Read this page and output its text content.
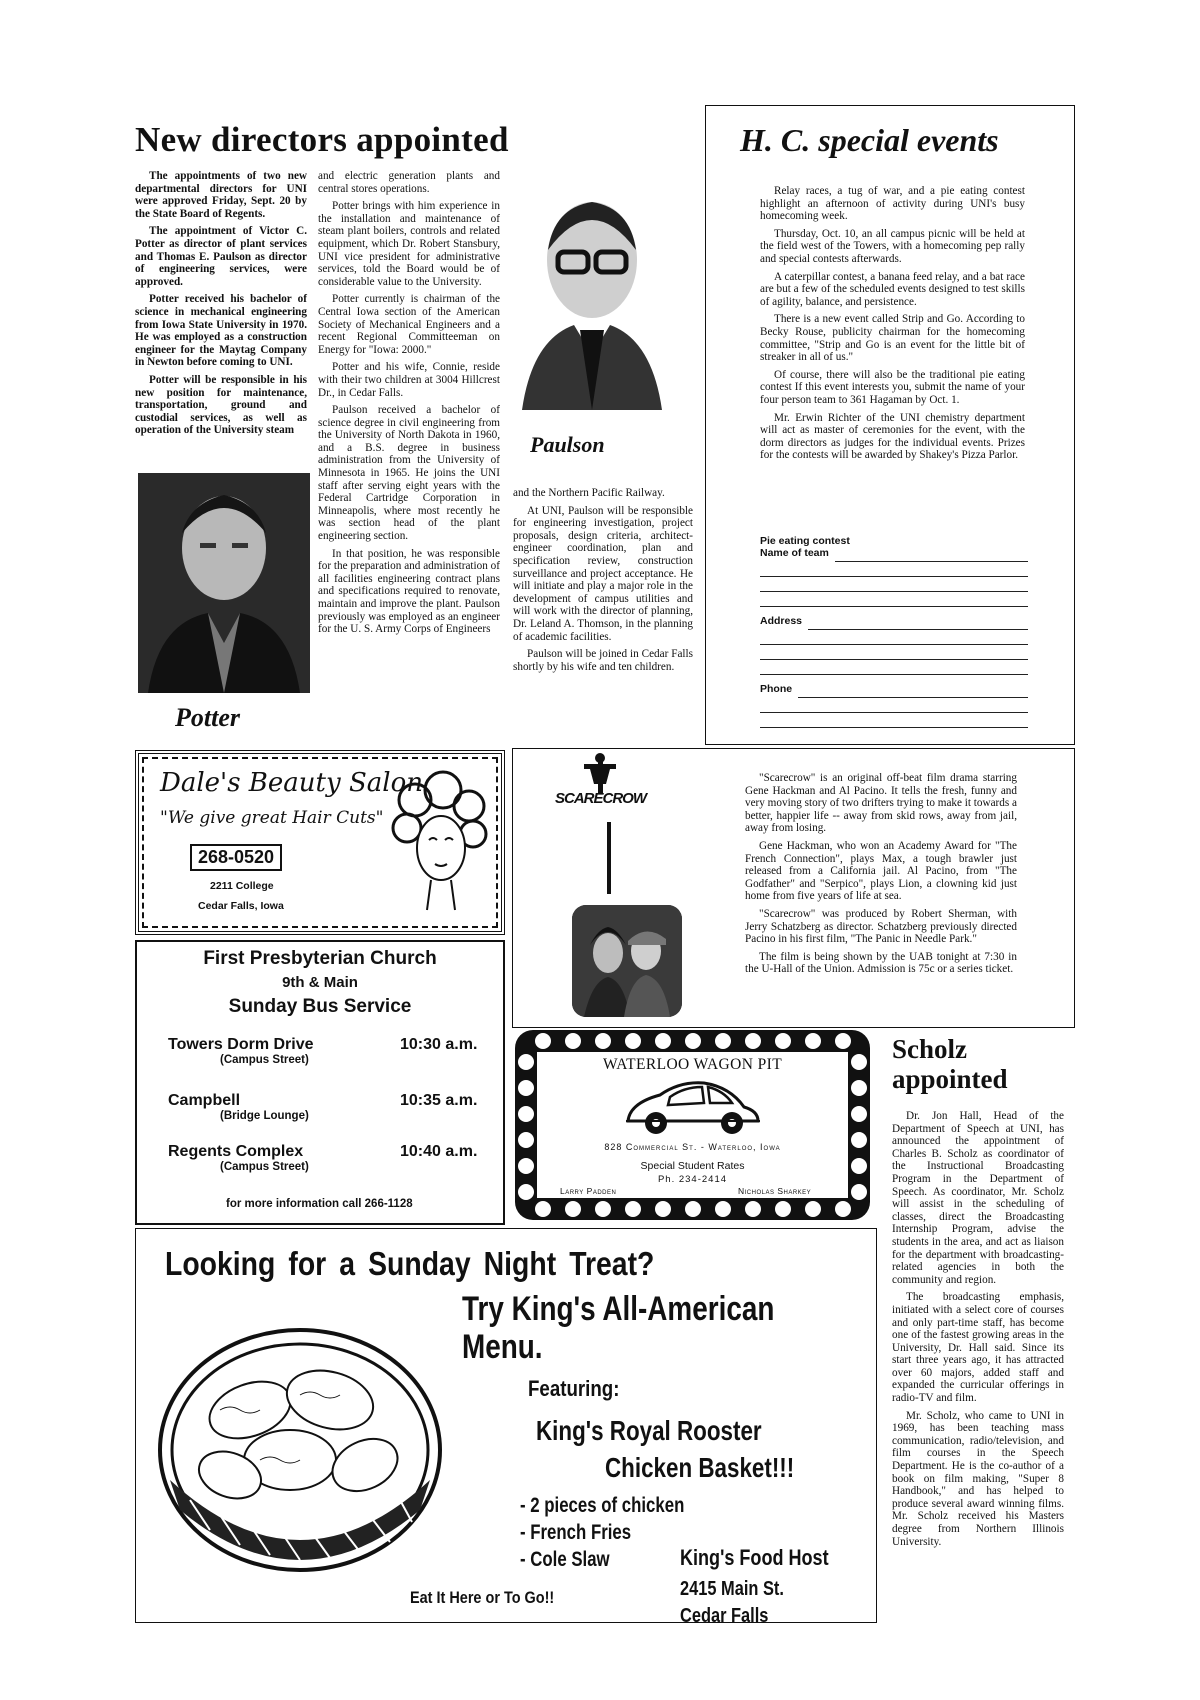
New directors appointed

The appointments of two new departmental directors for UNI were approved Friday, Sept. 20 by the State Board of Regents.

The appointment of Victor C. Potter as director of plant services and Thomas E. Paulson as director of engineering services, were approved.

Potter received his bachelor of science in mechanical engineering from Iowa State University in 1970. He was employed as a construction engineer for the Maytag Company in Newton before coming to UNI.

Potter will be responsible in his new position for maintenance, transportation, ground and custodial services, as well as operation of the University steam

Potter

and electric generation plants and central stores operations.

Potter brings with him experience in the installation and maintenance of steam plant boilers, controls and related equipment, which Dr. Robert Stansbury, UNI vice president for administrative services, told the Board would be of considerable value to the University.

Potter currently is chairman of the Central Iowa section of the American Society of Mechanical Engineers and a recent Regional Committeeman on Energy for "Iowa: 2000."

Potter and his wife, Connie, reside with their two children at 3004 Hillcrest Dr., in Cedar Falls.

Paulson received a bachelor of science degree in civil engineering from the University of North Dakota in 1960, and a B.S. degree in business administration from the University of Minnesota in 1965. He joins the UNI staff after serving eight years with the Federal Cartridge Corporation in Minneapolis, where most recently he was section head of the plant engineering section.

In that position, he was responsible for the preparation and administration of all facilities engineering contract plans and specifications required to renovate, maintain and improve the plant. Paulson previously was employed as an engineer for the U. S. Army Corps of Engineers

Paulson

and the Northern Pacific Railway.

At UNI, Paulson will be responsible for engineering investigation, project proposals, design criteria, architect-engineer coordination, plan and specification review, construction surveillance and project acceptance. He will initiate and play a major role in the development of campus utilities and will work with the director of planning, Dr. Leland A. Thomson, in the planning of academic facilities.

Paulson will be joined in Cedar Falls shortly by his wife and ten children.

H. C. special events

Relay races, a tug of war, and a pie eating contest highlight an afternoon of activity during UNI's busy homecoming week.

Thursday, Oct. 10, an all campus picnic will be held at the field west of the Towers, with a homecoming pep rally and special contests afterwards.

A caterpillar contest, a banana feed relay, and a bat race are but a few of the scheduled events designed to test skills of agility, balance, and persistence.

There is a new event called Strip and Go. According to Becky Rouse, publicity chairman for the homecoming committee, "Strip and Go is an event for the little bit of streaker in all of us."

Of course, there will also be the traditional pie eating contest If this event interests you, submit the name of your four person team to 361 Hagaman by Oct. 1.

Mr. Erwin Richter of the UNI chemistry department will act as master of ceremonies for the event, with the dorm directors as judges for the individual events. Prizes for the contests will be awarded by Shakey's Pizza Parlor.

Pie eating contest
Name of team
Address
Phone
Dale's Beauty Salon
"We give great Hair Cuts"
268-0520
2211 College
Cedar Falls, Iowa
First Presbyterian Church
9th & Main
Sunday Bus Service
Towers Dorm Drive	10:30 a.m.
(Campus Street)
Campbell	10:35 a.m.
(Bridge Lounge)
Regents Complex	10:40 a.m.
(Campus Street)
for more information call 266-1128
SCARECROW

"Scarecrow" is an original off-beat film drama starring Gene Hackman and Al Pacino. It tells the fresh, funny and very moving story of two drifters trying to make it towards a better, happier life -- away from skid rows, away from jail, away from losing.

Gene Hackman, who won an Academy Award for "The French Connection", plays Max, a tough brawler just released from a California jail. Al Pacino, from "The Godfather" and "Serpico", plays Lion, a clowning kid just home from five years of life at sea.

"Scarecrow" was produced by Robert Sherman, with Jerry Schatzberg as director. Schatzberg previously directed Pacino in his first film, "The Panic in Needle Park."

The film is being shown by the UAB tonight at 7:30 in the U-Hall of the Union. Admission is 75c or a series ticket.

WATERLOO WAGON PIT
828 Commercial St. - Waterloo, Iowa
Special Student Rates
Ph. 234-2414
Larry Padden	Nicholas Sharkey
Scholz appointed

Dr. Jon Hall, Head of the Department of Speech at UNI, has announced the appointment of Charles B. Scholz as coordinator of the Instructional Broadcasting Program in the Department of Speech. As coordinator, Mr. Scholz will assist in the scheduling of classes, direct the Broadcasting Internship Program, advise the students in the area, and act as liaison for the department with broadcasting-related agencies in both the community and region.

The broadcasting emphasis, initiated with a select core of courses and only part-time staff, has become one of the fastest growing areas in the University, Dr. Hall said. Since its start three years ago, it has attracted over 60 majors, added staff and expanded the curricular offerings in radio-TV and film.

Mr. Scholz, who came to UNI in 1969, has been teaching mass communication, radio/television, and film courses in the Speech Department. He is the co-author of a book on film making, "Super 8 Handbook," and has helped to produce several award winning films. Mr. Scholz received his Masters degree from Northern Illinois University.

Looking for a Sunday Night Treat?
Try King's All-American Menu.
Featuring:
King's Royal Rooster
Chicken Basket!!!
- 2 pieces of chicken
- French Fries
- Cole Slaw	King's Food Host
2415 Main St.
Cedar Falls
Eat It Here or To Go!!
